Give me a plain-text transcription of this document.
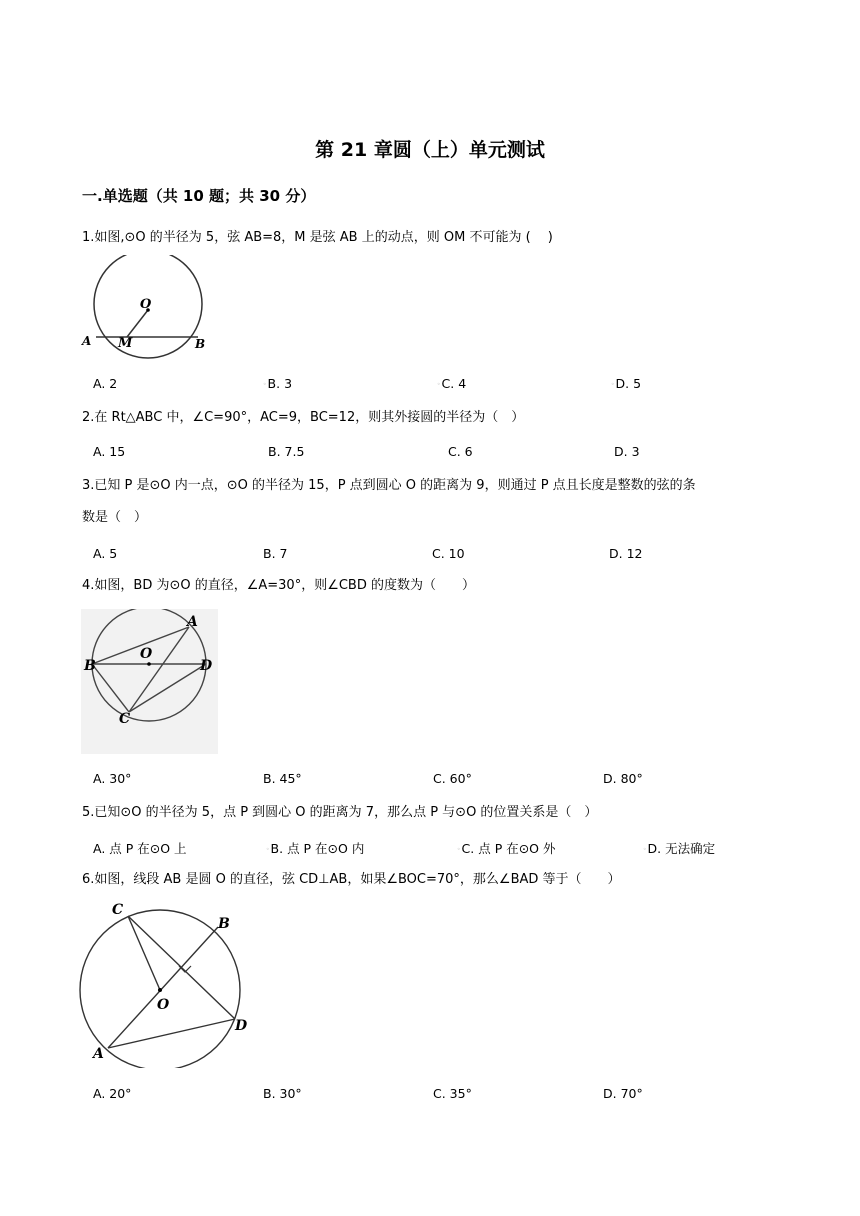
第 21 章圆（上）单元测试
一.单选题（共 10 题；共 30 分）
1.如图,⊙O 的半径为 5，弦 AB=8，M 是弦 AB 上的动点，则 OM 不可能为 (　 )
O
A M	B
A. 2	◦B. 3	◦C. 4	◦D. 5
2.在 Rt△ABC 中，∠C=90°，AC=9，BC=12，则其外接圆的半径为（　）
A. 15	B. 7.5	C. 6	D. 3
3.已知 P 是⊙O 内一点，⊙O 的半径为 15，P 点到圆心 O 的距离为 9，则通过 P 点且长度是整数的弦的条
数是（　）
A. 5	B. 7	C. 10	D. 12
4.如图，BD 为⊙O 的直径，∠A=30°，则∠CBD 的度数为（　　）
A
O
B	D
C
A. 30°	B. 45°	C. 60°	D. 80°
5.已知⊙O 的半径为 5，点 P 到圆心 O 的距离为 7，那么点 P 与⊙O 的位置关系是（　）
A. 点 P 在⊙O 上	◦B. 点 P 在⊙O 内	◦C. 点 P 在⊙O 外	◦D. 无法确定
6.如图，线段 AB 是圆 O 的直径，弦 CD⊥AB，如果∠BOC=70°，那么∠BAD 等于（　　）
C
B
O
D
A
A. 20°	B. 30°	C. 35°	D. 70°
